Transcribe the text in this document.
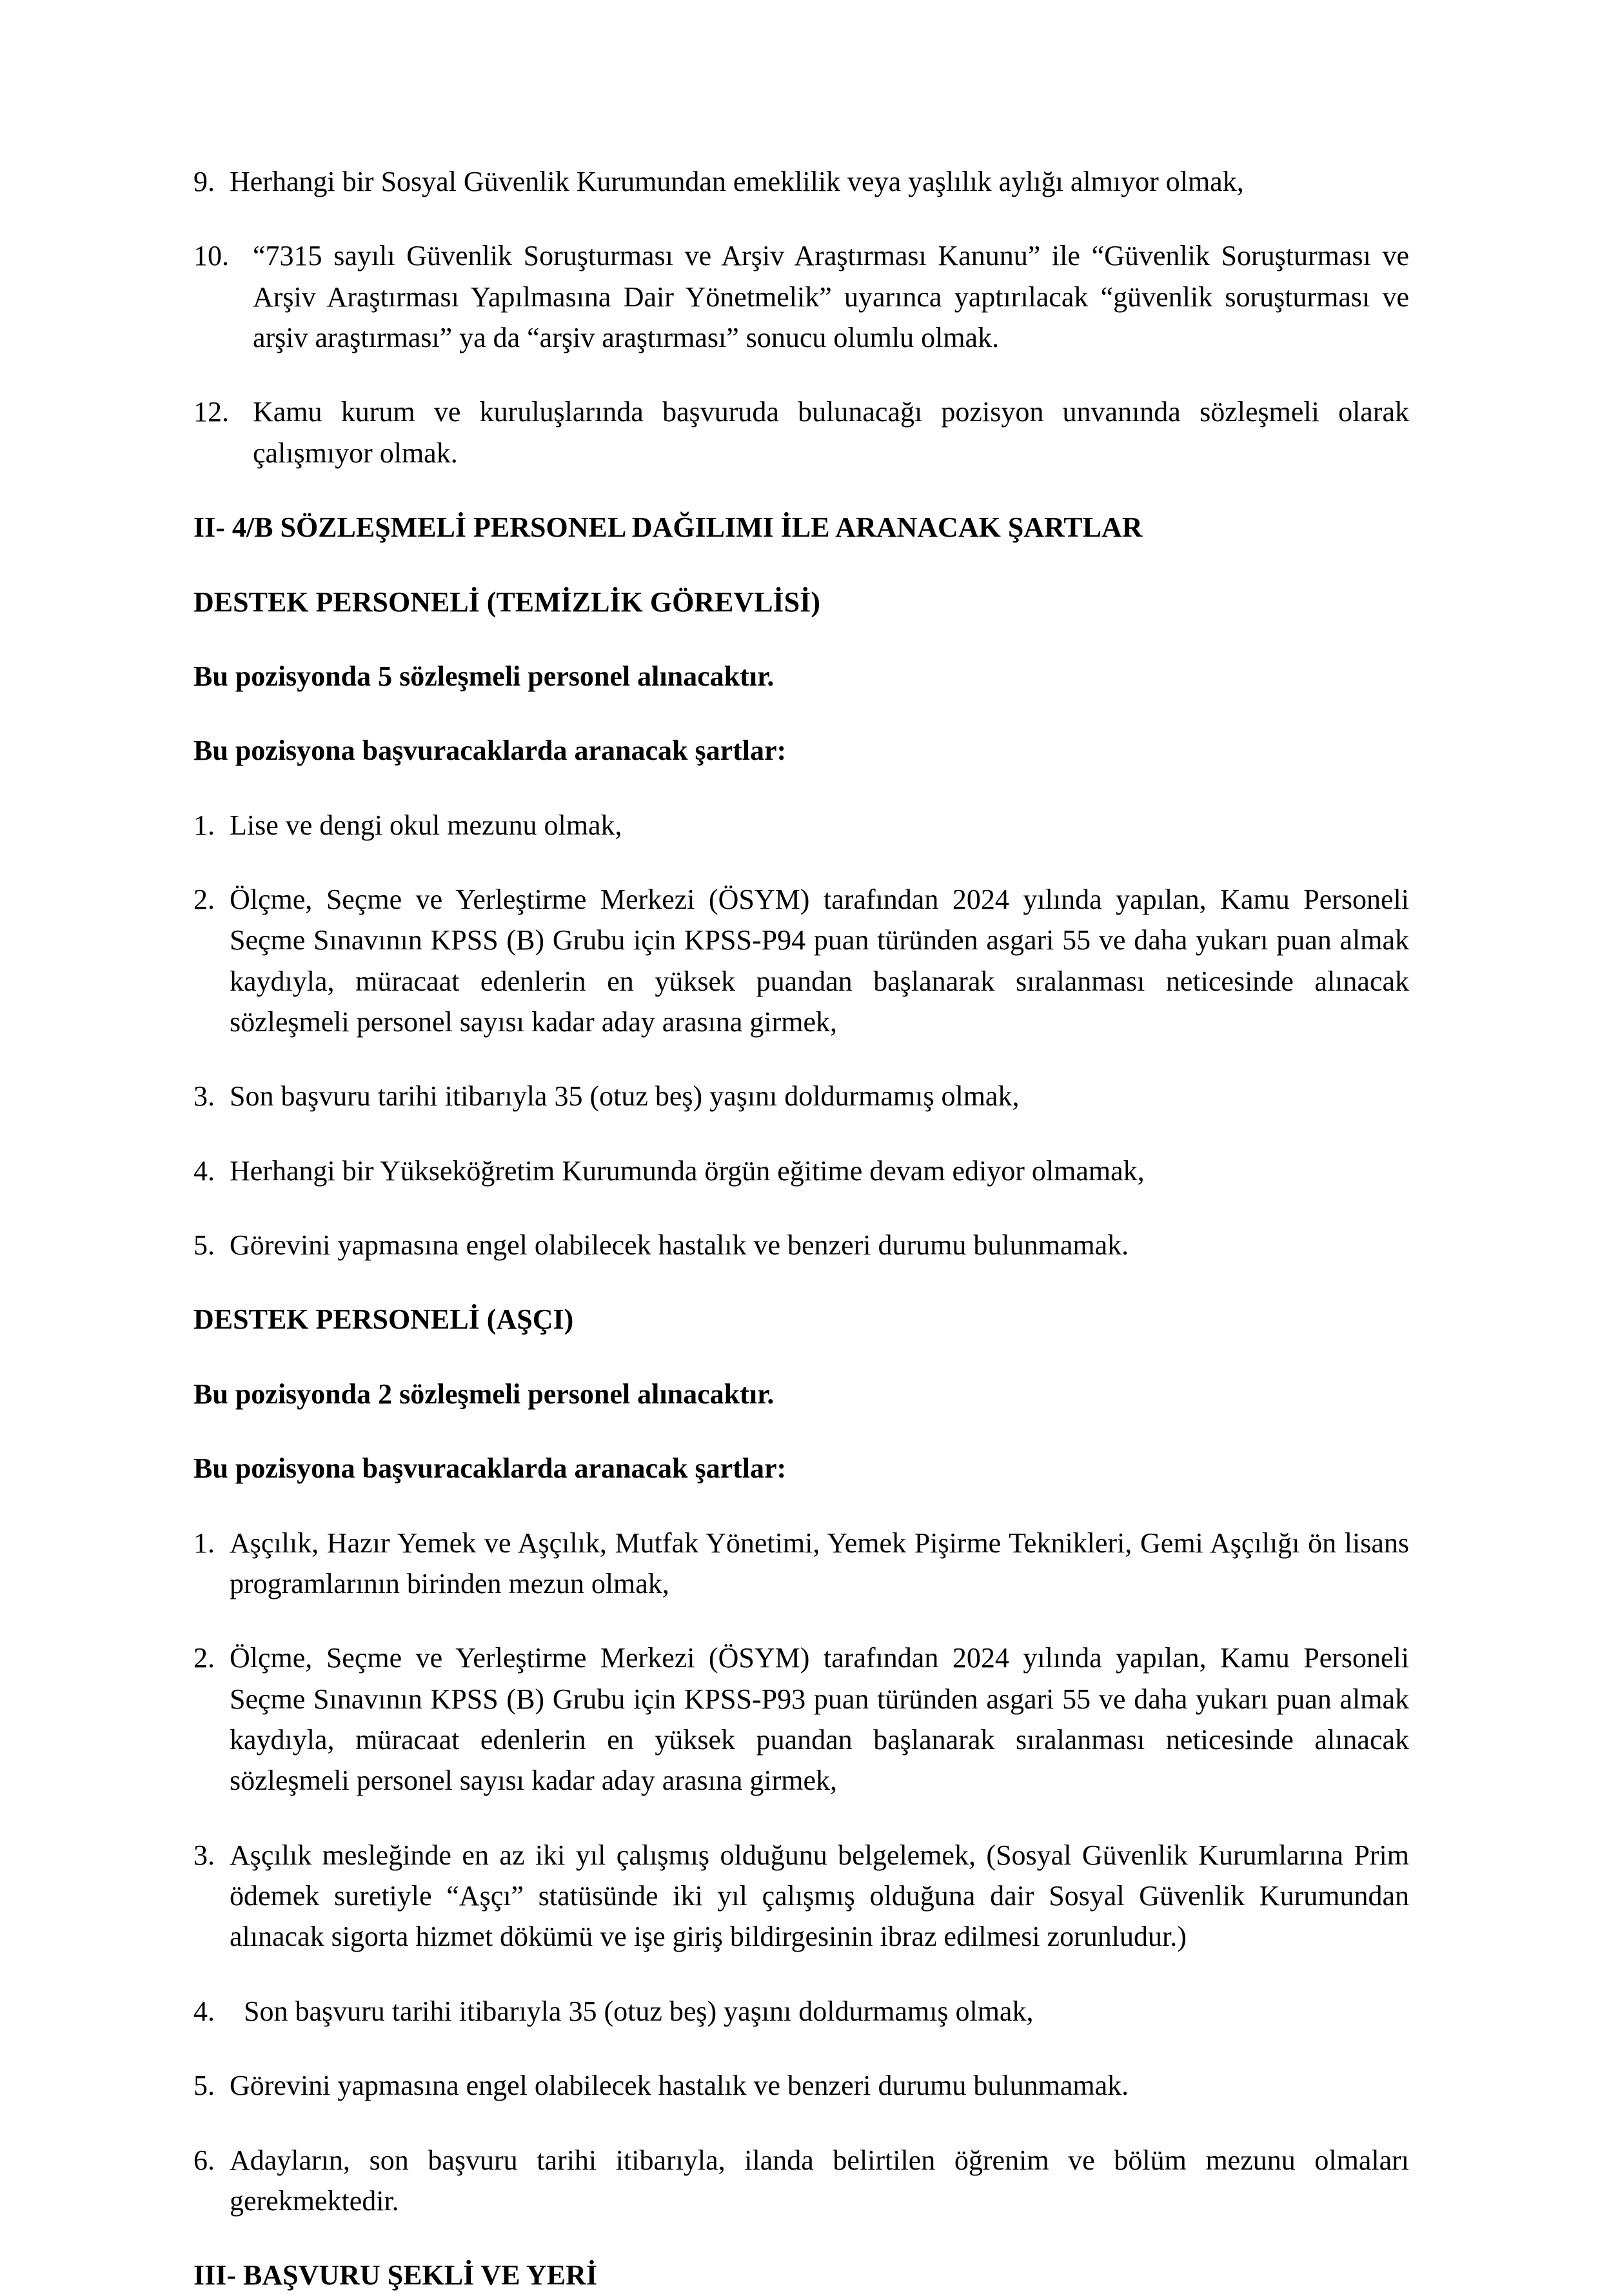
9. Herhangi bir Sosyal Güvenlik Kurumundan emeklilik veya yaşlılık aylığı almıyor olmak,
10. “7315 sayılı Güvenlik Soruşturması ve Arşiv Araştırması Kanunu” ile “Güvenlik Soruşturması ve Arşiv Araştırması Yapılmasına Dair Yönetmelik” uyarınca yaptırılacak “güvenlik soruşturması ve arşiv araştırması” ya da “arşiv araştırması” sonucu olumlu olmak.
12. Kamu kurum ve kuruluşlarında başvuruda bulunacağı pozisyon unvanında sözleşmeli olarak çalışmıyor olmak.
II- 4/B SÖZLEŞMELİ PERSONEL DAĞILIMI İLE ARANACAK ŞARTLAR
DESTEK PERSONELİ (TEMİZLİK GÖREVLİSİ)
Bu pozisyonda 5 sözleşmeli personel alınacaktır.
Bu pozisyona başvuracaklarda aranacak şartlar:
1. Lise ve dengi okul mezunu olmak,
2. Ölçme, Seçme ve Yerleştirme Merkezi (ÖSYM) tarafından 2024 yılında yapılan, Kamu Personeli Seçme Sınavının KPSS (B) Grubu için KPSS-P94 puan türünden asgari 55 ve daha yukarı puan almak kaydıyla, müracaat edenlerin en yüksek puandan başlanarak sıralanması neticesinde alınacak sözleşmeli personel sayısı kadar aday arasına girmek,
3. Son başvuru tarihi itibarıyla 35 (otuz beş) yaşını doldurmamış olmak,
4. Herhangi bir Yükseköğretim Kurumunda örgün eğitime devam ediyor olmamak,
5. Görevini yapmasına engel olabilecek hastalık ve benzeri durumu bulunmamak.
DESTEK PERSONELİ (AŞÇI)
Bu pozisyonda 2 sözleşmeli personel alınacaktır.
Bu pozisyona başvuracaklarda aranacak şartlar:
1. Aşçılık, Hazır Yemek ve Aşçılık, Mutfak Yönetimi, Yemek Pişirme Teknikleri, Gemi Aşçılığı ön lisans programlarının birinden mezun olmak,
2. Ölçme, Seçme ve Yerleştirme Merkezi (ÖSYM) tarafından 2024 yılında yapılan, Kamu Personeli Seçme Sınavının KPSS (B) Grubu için KPSS-P93 puan türünden asgari 55 ve daha yukarı puan almak kaydıyla, müracaat edenlerin en yüksek puandan başlanarak sıralanması neticesinde alınacak sözleşmeli personel sayısı kadar aday arasına girmek,
3. Aşçılık mesleğinde en az iki yıl çalışmış olduğunu belgelemek, (Sosyal Güvenlik Kurumlarına Prim ödemek suretiyle “Aşçı” statüsünde iki yıl çalışmış olduğuna dair Sosyal Güvenlik Kurumundan alınacak sigorta hizmet dökümü ve işe giriş bildirgesinin ibraz edilmesi zorunludur.)
4.	Son başvuru tarihi itibarıyla 35 (otuz beş) yaşını doldurmamış olmak,
5. Görevini yapmasına engel olabilecek hastalık ve benzeri durumu bulunmamak.
6. Adayların, son başvuru tarihi itibarıyla, ilanda belirtilen öğrenim ve bölüm mezunu olmaları gerekmektedir.
III- BAŞVURU ŞEKLİ VE YERİ
